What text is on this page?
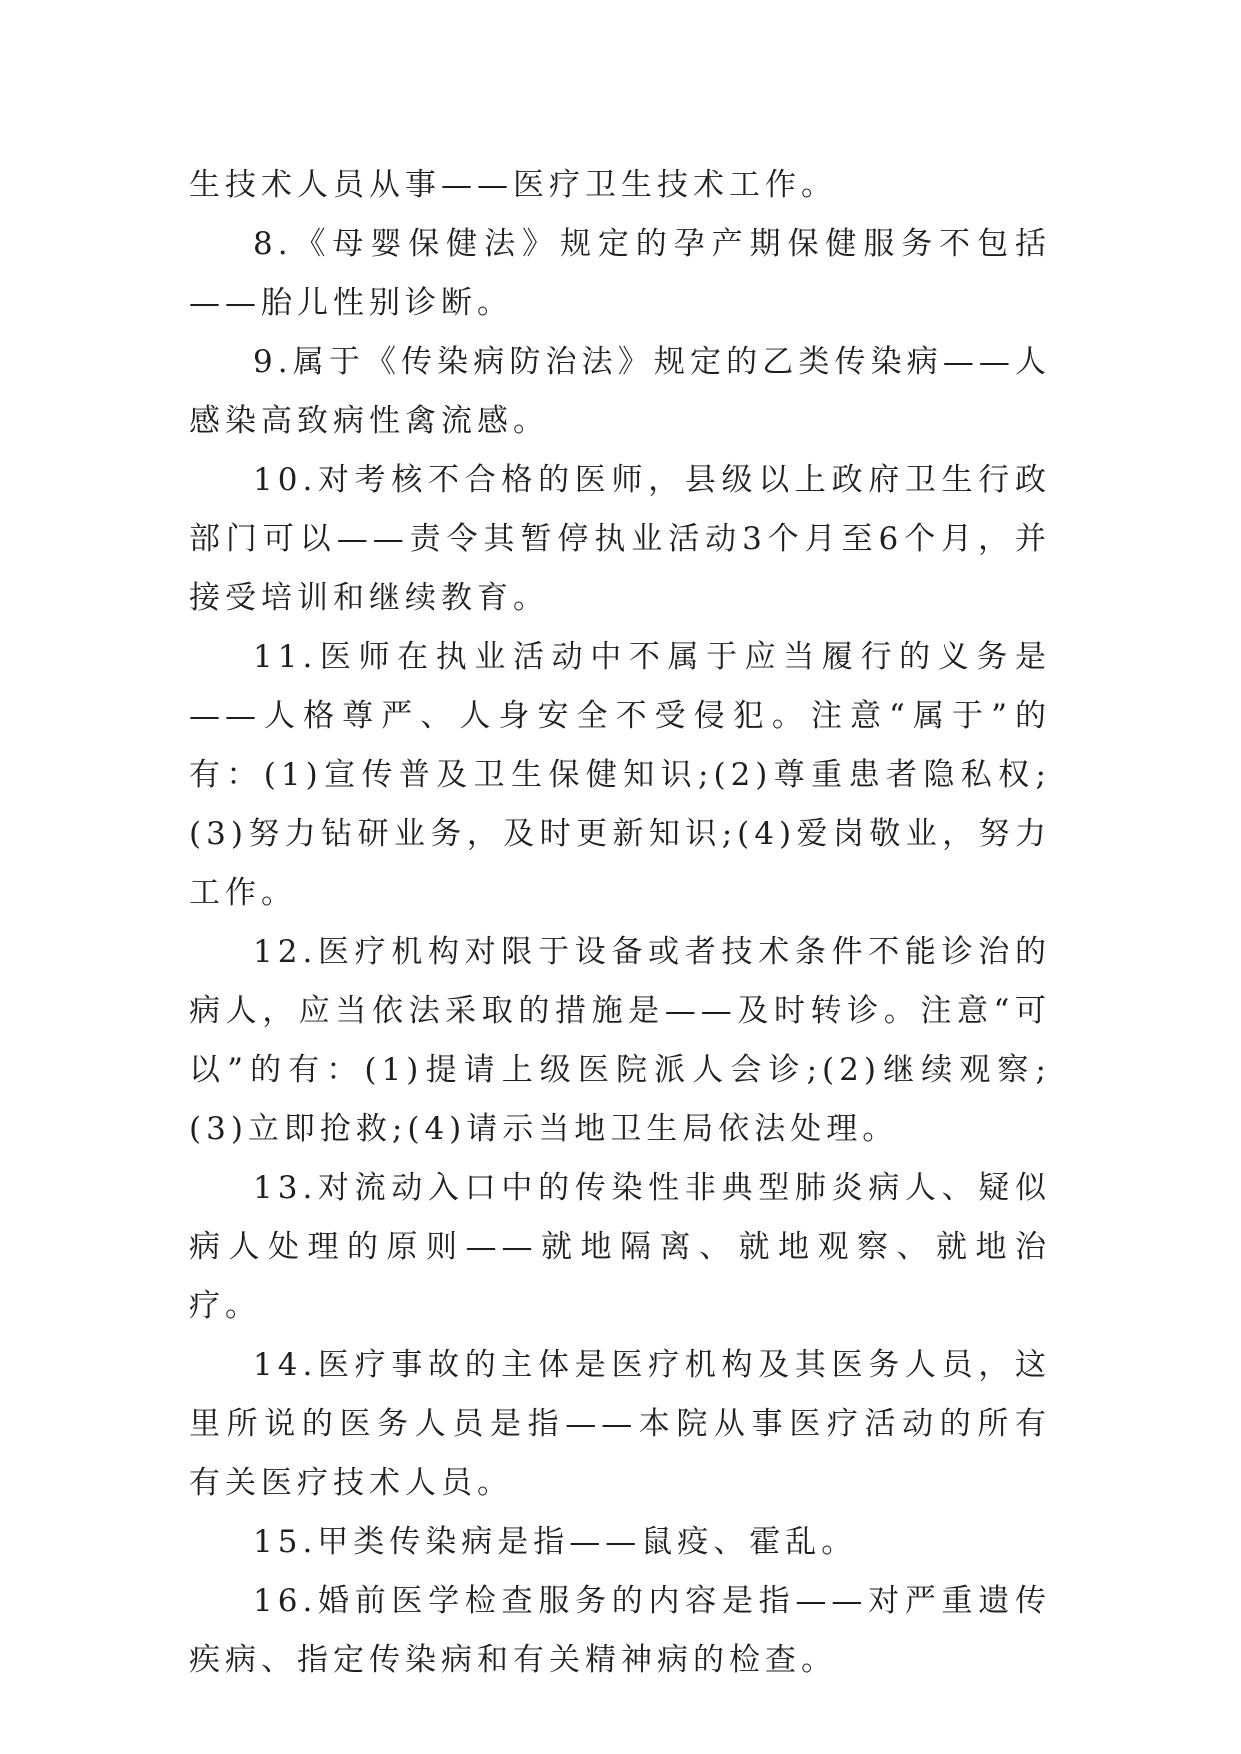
生技术人员从事——医疗卫生技术工作。

8.《母婴保健法》规定的孕产期保健服务不包括——胎儿性别诊断。

9.属于《传染病防治法》规定的乙类传染病——人感染高致病性禽流感。

10.对考核不合格的医师，县级以上政府卫生行政部门可以——责令其暂停执业活动3个月至6个月，并接受培训和继续教育。

11.医师在执业活动中不属于应当履行的义务是——人格尊严、人身安全不受侵犯。注意“属于”的有：(1)宣传普及卫生保健知识;(2)尊重患者隐私权;(3)努力钻研业务，及时更新知识;(4)爱岗敬业，努力工作。

12.医疗机构对限于设备或者技术条件不能诊治的病人，应当依法采取的措施是——及时转诊。注意“可以”的有：(1)提请上级医院派人会诊;(2)继续观察;(3)立即抢救;(4)请示当地卫生局依法处理。

13.对流动入口中的传染性非典型肺炎病人、疑似病人处理的原则——就地隔离、就地观察、就地治疗。

14.医疗事故的主体是医疗机构及其医务人员，这里所说的医务人员是指——本院从事医疗活动的所有有关医疗技术人员。

15.甲类传染病是指——鼠疫、霍乱。

16.婚前医学检查服务的内容是指——对严重遗传疾病、指定传染病和有关精神病的检查。
